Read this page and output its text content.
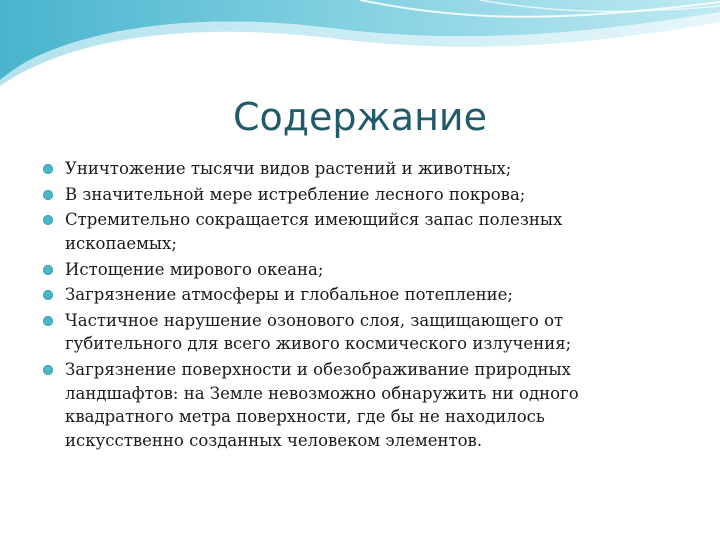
Содержание
Уничтожение тысячи видов растений и животных;
В значительной мере истребление лесного покрова;
Стремительно сокращается имеющийся запас полезных ископаемых;
Истощение мирового океана;
Загрязнение атмосферы и глобальное потепление;
Частичное нарушение озонового слоя, защищающего от губительного для всего живого космического излучения;
Загрязнение поверхности и обезображивание природных ландшафтов: на Земле невозможно обнаружить ни одного квадратного метра поверхности, где бы не находилось искусственно созданных человеком элементов.
